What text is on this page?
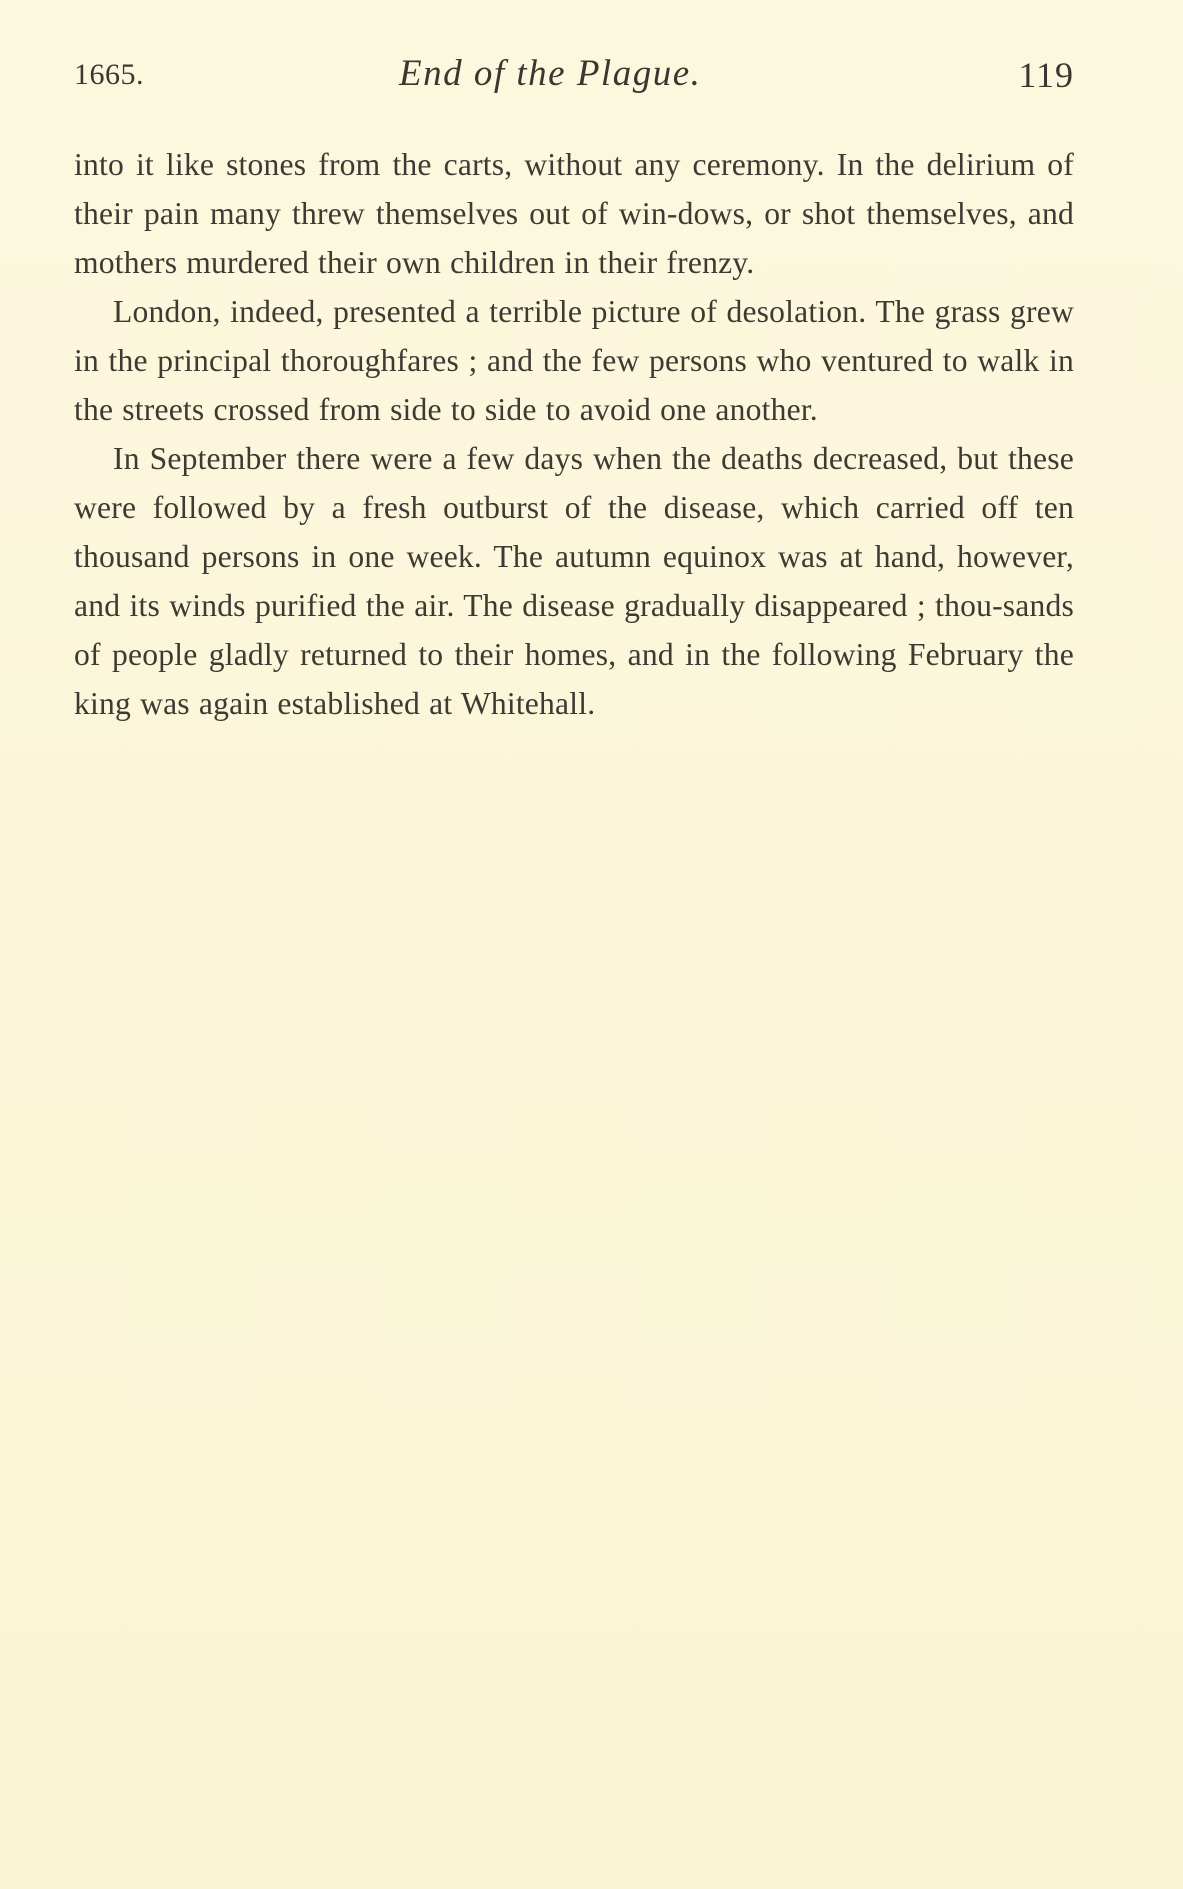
1665.	End of the Plague.	119

into it like stones from the carts, without any ceremony. In the delirium of their pain many threw themselves out of win-dows, or shot themselves, and mothers murdered their own children in their frenzy.

London, indeed, presented a terrible picture of desolation. The grass grew in the principal thoroughfares ; and the few persons who ventured to walk in the streets crossed from side to side to avoid one another.

In September there were a few days when the deaths decreased, but these were followed by a fresh outburst of the disease, which carried off ten thousand persons in one week. The autumn equinox was at hand, however, and its winds purified the air. The disease gradually disappeared ; thou-sands of people gladly returned to their homes, and in the following February the king was again established at Whitehall.
